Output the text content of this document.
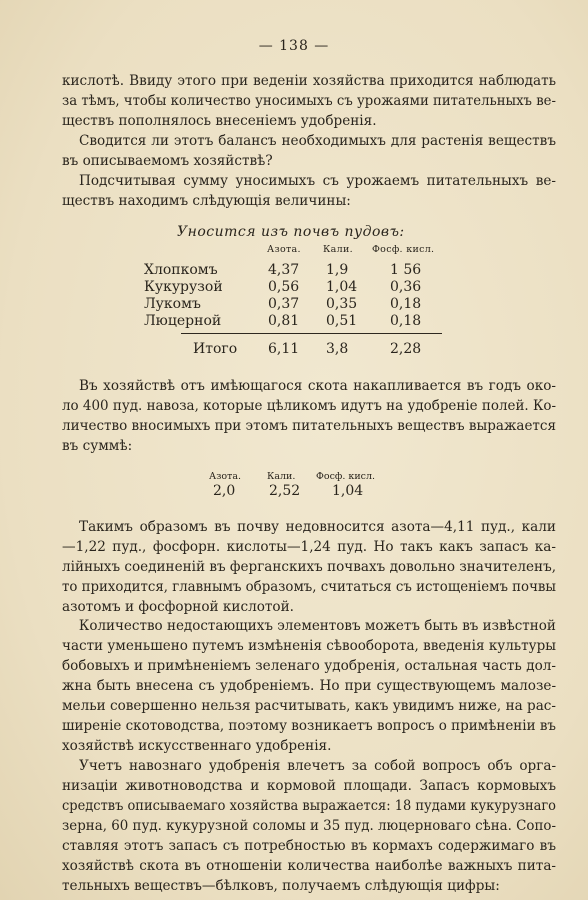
— 138 —
кислотѣ. Ввиду этого при веденіи хозяйства приходится наблюдать
за тѣмъ, чтобы количество уносимыхъ съ урожаями питательныхъ ве-
ществъ пополнялось внесеніемъ удобренія.
Сводится ли этотъ балансъ необходимыхъ для растенія веществъ
въ описываемомъ хозяйствѣ?
Подсчитывая сумму уносимыхъ съ урожаемъ питательныхъ ве-
ществъ находимъ слѣдующія величины:
Уносится изъ почвъ пудовъ:
Азота. Кали. Фосф. кисл.
Хлопкомъ	4,37 1,9	1 56
Кукурузой	0,56 1,04 0,36
Лукомъ	0,37 0,35 0,18
Люцерной	0,81 0,51 0,18
Итого 6,11 3,8	2,28
Въ хозяйствѣ отъ имѣющагося скота накапливается въ годъ око-
ло 400 пуд. навоза, которые цѣликомъ идутъ на удобреніе полей. Ко-
личество вносимыхъ при этомъ питательныхъ веществъ выражается
въ суммѣ:
Азота.	Кали. Фосф. кисл.
2,0 2,52 1,04
Такимъ образомъ въ почву недовносится азота—4,11 пуд., кали
—1,22 пуд., фосфорн. кислоты—1,24 пуд. Но такъ какъ запасъ ка-
лійныхъ соединеній въ ферганскихъ почвахъ довольно значителенъ,
то приходится, главнымъ образомъ, считаться съ истощеніемъ почвы
азотомъ и фосфорной кислотой.
Количество недостающихъ элементовъ можетъ быть въ извѣстной
части уменьшено путемъ измѣненія сѣвооборота, введенія культуры
бобовыхъ и примѣненіемъ зеленаго удобренія, остальная часть дол-
жна быть внесена съ удобреніемъ. Но при существующемъ малозе-
мельи совершенно нельзя расчитывать, какъ увидимъ ниже, на рас-
ширеніе скотоводства, поэтому возникаетъ вопросъ о примѣненіи въ
хозяйствѣ искусственнаго удобренія.
Учетъ навознаго удобренія влечетъ за собой вопросъ объ орга-
низаціи животноводства и кормовой площади. Запасъ кормовыхъ
средствъ описываемаго хозяйства выражается: 18 пудами кукурузнаго
зерна, 60 пуд. кукурузной соломы и 35 пуд. люцерноваго сѣна. Сопо-
ставляя этотъ запасъ съ потребностью въ кормахъ содержимаго въ
хозяйствѣ скота въ отношеніи количества наиболѣе важныхъ пита-
тельныхъ веществъ—бѣлковъ, получаемъ слѣдующія цифры:
